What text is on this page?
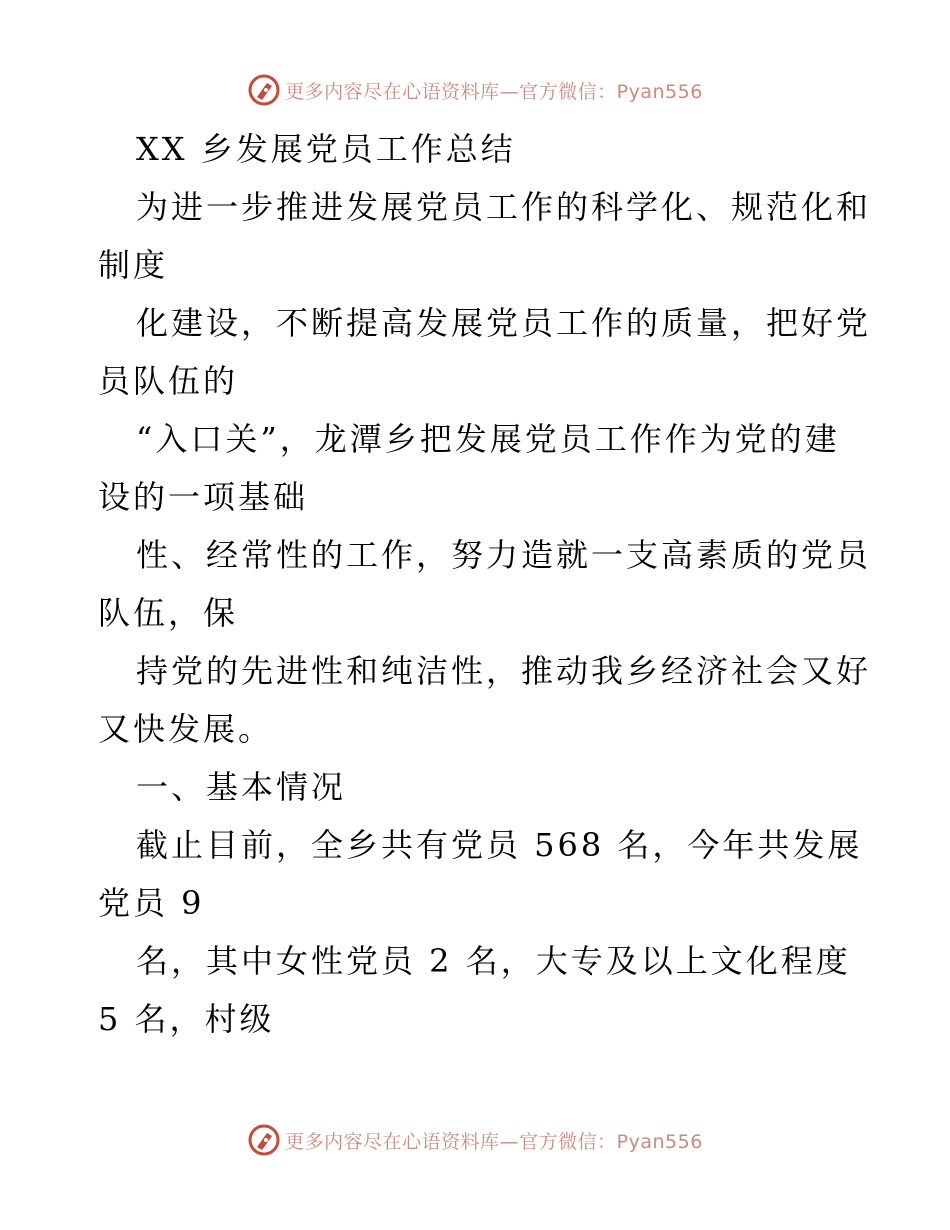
更多内容尽在心语资料库—官方微信：Pyan556
XX 乡发展党员工作总结
为进一步推进发展党员工作的科学化、规范化和
制度
化建设，不断提高发展党员工作的质量，把好党
员队伍的
“入口关”，龙潭乡把发展党员工作作为党的建
设的一项基础
性、经常性的工作，努力造就一支高素质的党员
队伍，保
持党的先进性和纯洁性，推动我乡经济社会又好
又快发展。
一、基本情况
截止目前，全乡共有党员 568 名，今年共发展
党员 9
名，其中女性党员 2 名，大专及以上文化程度
5 名，村级
更多内容尽在心语资料库—官方微信：Pyan556
